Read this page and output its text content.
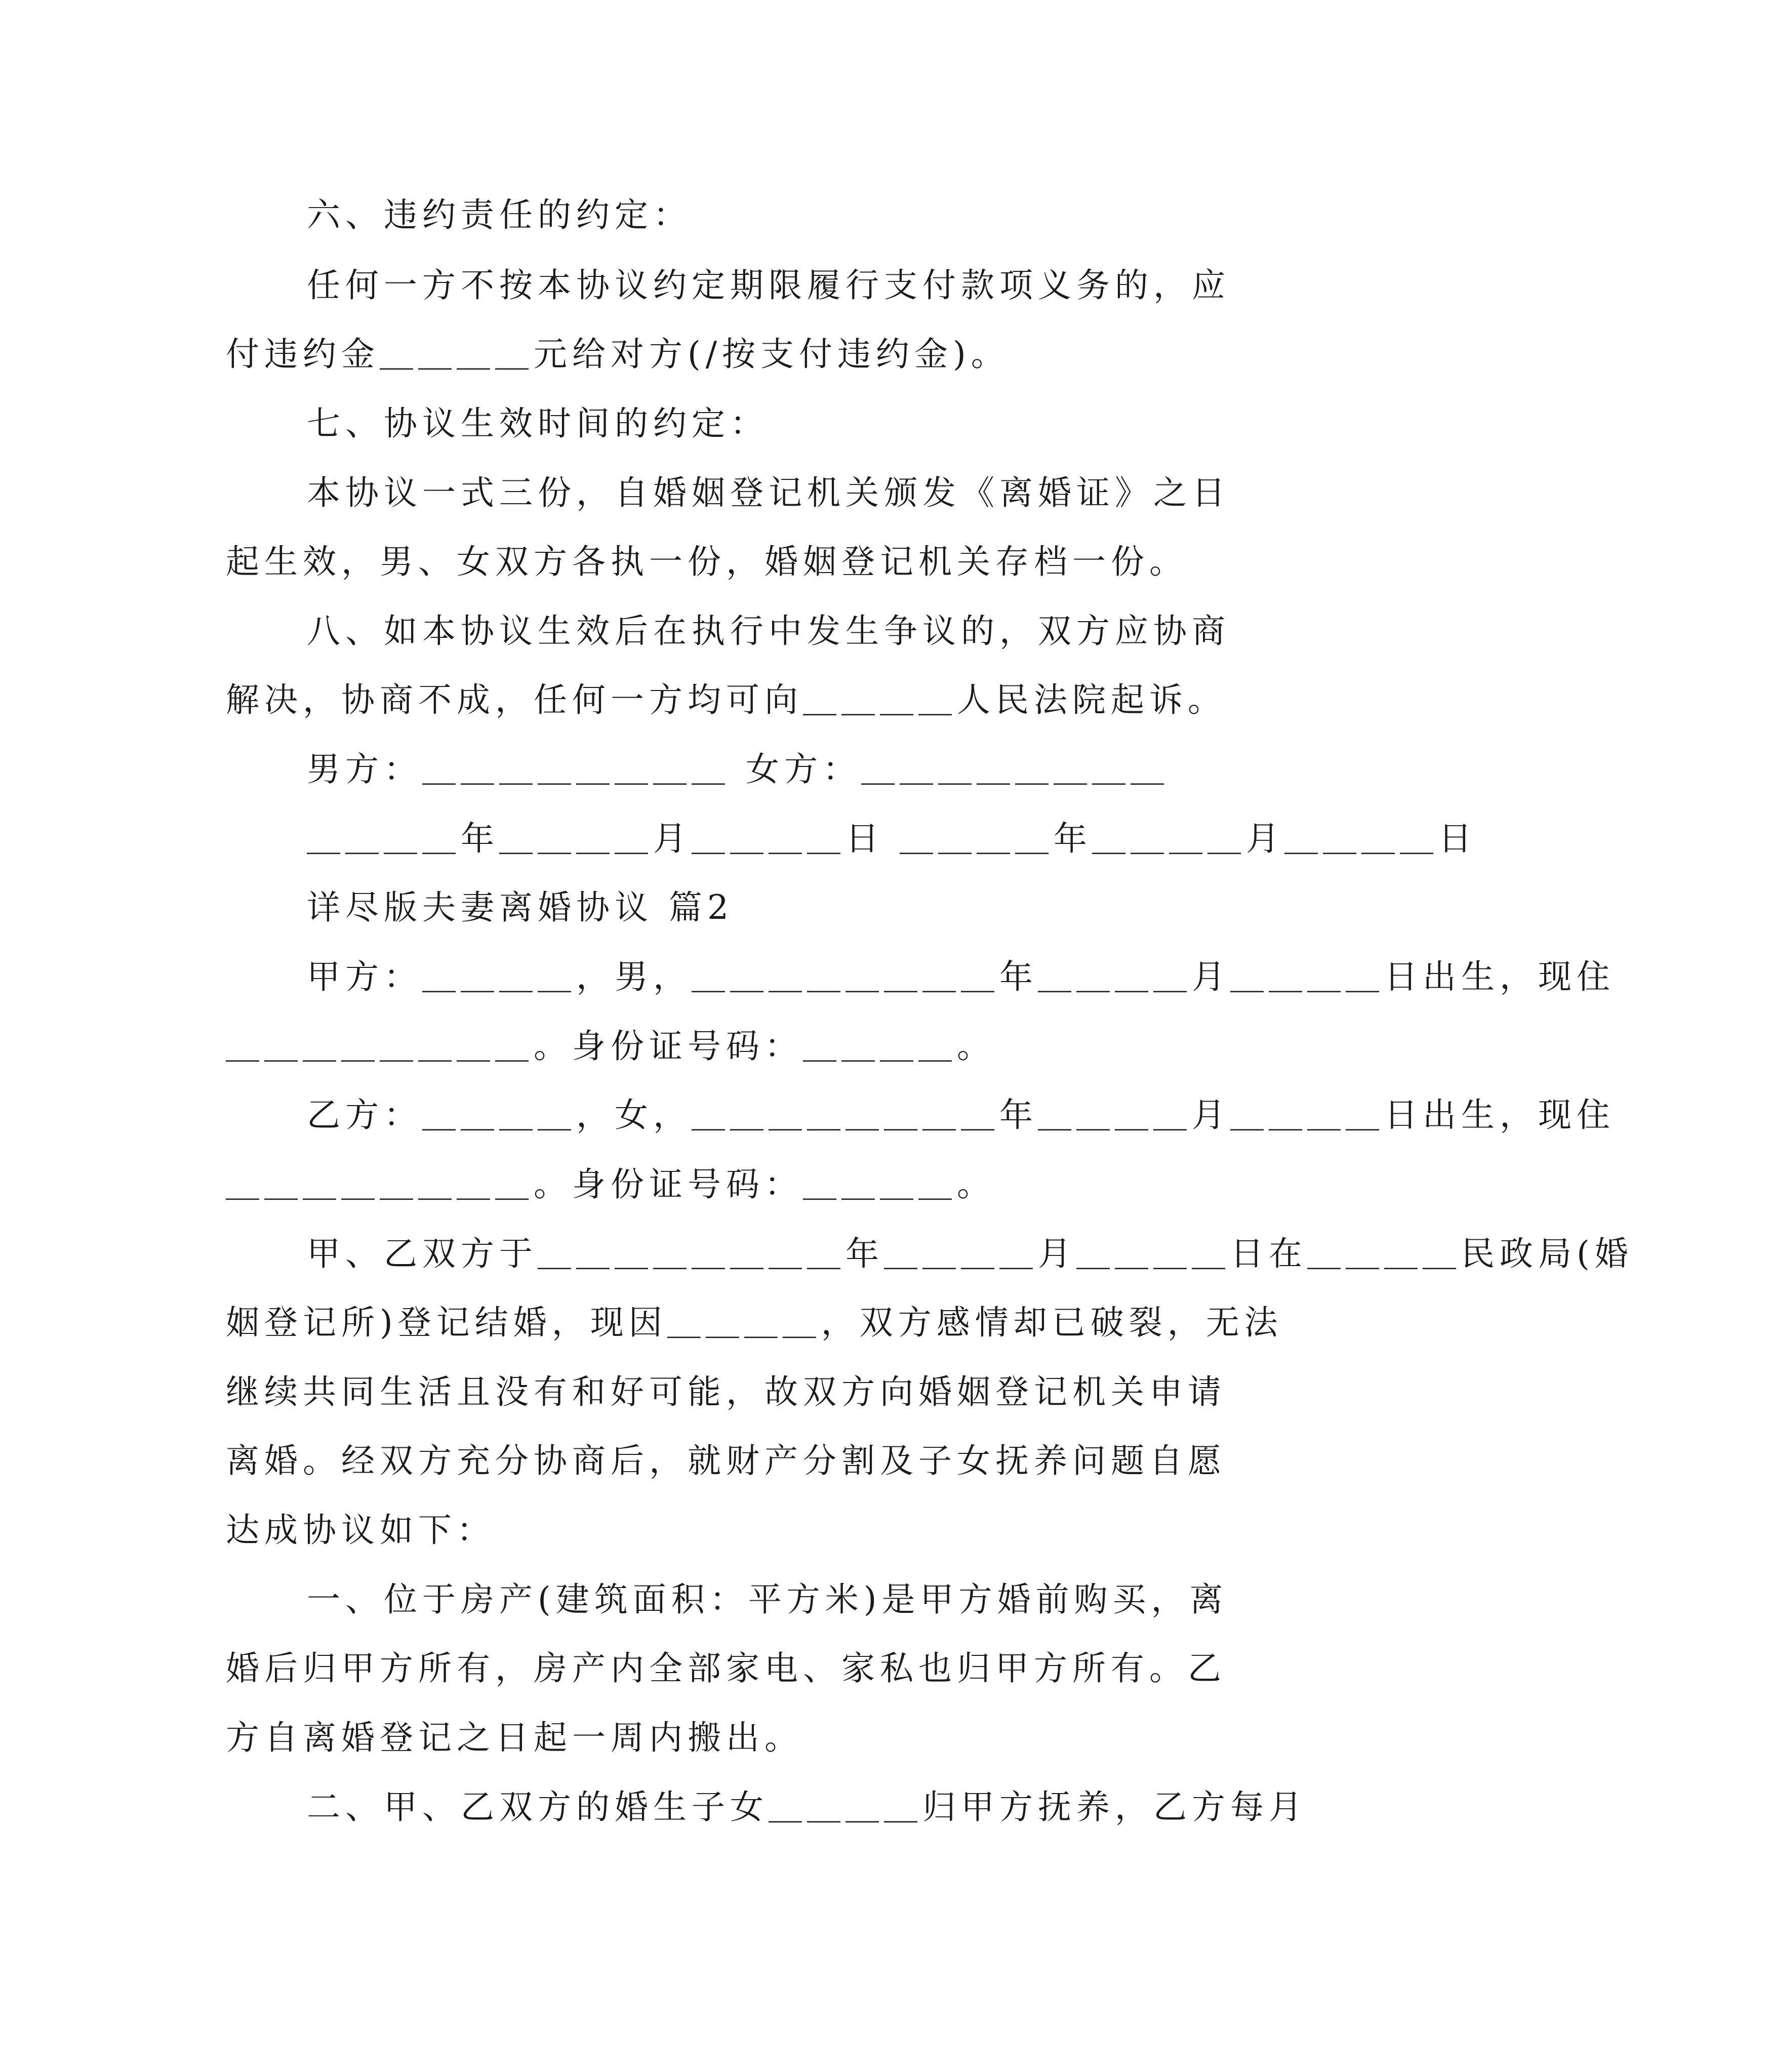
六、违约责任的约定：
任何一方不按本协议约定期限履行支付款项义务的，应
付违约金＿＿＿＿元给对方(/按支付违约金)。
七、协议生效时间的约定：
本协议一式三份，自婚姻登记机关颁发《离婚证》之日
起生效，男、女双方各执一份，婚姻登记机关存档一份。
八、如本协议生效后在执行中发生争议的，双方应协商
解决，协商不成，任何一方均可向＿＿＿＿人民法院起诉。
男方：＿＿＿＿＿＿＿＿ 女方：＿＿＿＿＿＿＿＿
＿＿＿＿年＿＿＿＿月＿＿＿＿日 ＿＿＿＿年＿＿＿＿月＿＿＿＿日
详尽版夫妻离婚协议 篇2
甲方：＿＿＿＿，男，＿＿＿＿＿＿＿＿年＿＿＿＿月＿＿＿＿日出生，现住
＿＿＿＿＿＿＿＿。身份证号码：＿＿＿＿。
乙方：＿＿＿＿，女，＿＿＿＿＿＿＿＿年＿＿＿＿月＿＿＿＿日出生，现住
＿＿＿＿＿＿＿＿。身份证号码：＿＿＿＿。
甲、乙双方于＿＿＿＿＿＿＿＿年＿＿＿＿月＿＿＿＿日在＿＿＿＿民政局(婚
姻登记所)登记结婚，现因＿＿＿＿，双方感情却已破裂，无法
继续共同生活且没有和好可能，故双方向婚姻登记机关申请
离婚。经双方充分协商后，就财产分割及子女抚养问题自愿
达成协议如下：
一、位于房产(建筑面积：平方米)是甲方婚前购买，离
婚后归甲方所有，房产内全部家电、家私也归甲方所有。乙
方自离婚登记之日起一周内搬出。
二、甲、乙双方的婚生子女＿＿＿＿归甲方抚养，乙方每月
